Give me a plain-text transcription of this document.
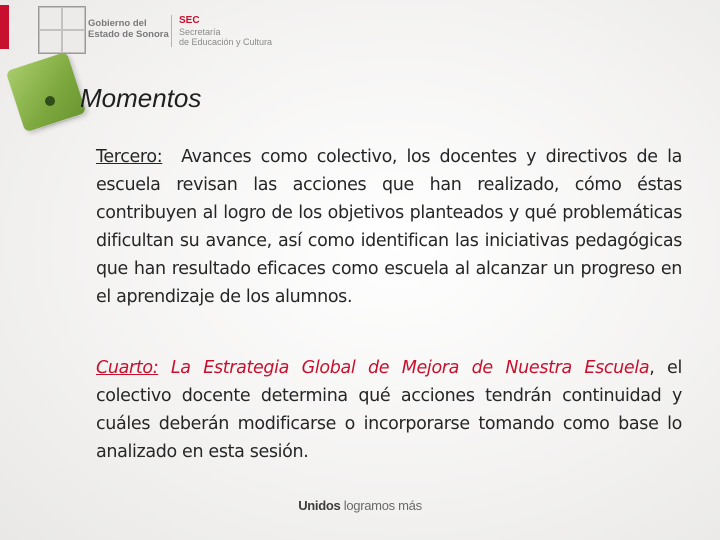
Gobierno del
Estado de Sonora
SEC
Secretaría
de Educación y Cultura
Momentos

Tercero:  Avances como colectivo, los docentes y directivos de la escuela revisan las acciones que han realizado, cómo éstas contribuyen al logro de los objetivos planteados y qué problemáticas dificultan su avance, así como identifican las iniciativas pedagógicas que han resultado eficaces como escuela al alcanzar un progreso en el aprendizaje de los alumnos.

Cuarto: La Estrategia Global de Mejora de Nuestra Escuela, el colectivo docente determina qué acciones tendrán continuidad y cuáles deberán modificarse o incorporarse tomando como base lo analizado en esta sesión.

Unidos logramos más
